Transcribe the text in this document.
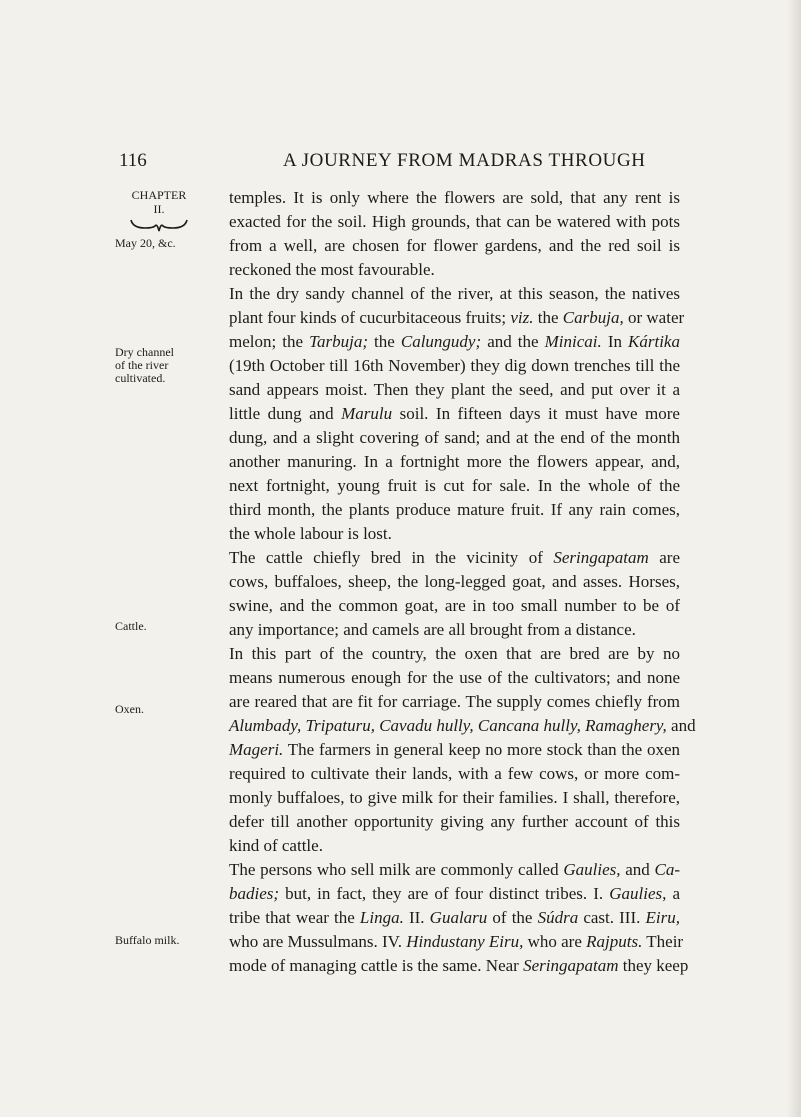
116	A JOURNEY FROM MADRAS THROUGH
CHAPTER
II.
May 20, &c.
Dry channel
of the river
cultivated.
Cattle.
Oxen.
Buffalo milk.
temples. It is only where the flowers are sold, that any rent is
exacted for the soil. High grounds, that can be watered with pots
from a well, are chosen for flower gardens, and the red soil is
reckoned the most favourable.
In the dry sandy channel of the river, at this season, the natives
plant four kinds of cucurbitaceous fruits; viz. the Carbuja, or water
melon; the Tarbuja; the Calungudy; and the Minicai. In Kártika
(19th October till 16th November) they dig down trenches till the
sand appears moist. Then they plant the seed, and put over it a
little dung and Marulu soil. In fifteen days it must have more
dung, and a slight covering of sand; and at the end of the month
another manuring. In a fortnight more the flowers appear, and,
next fortnight, young fruit is cut for sale. In the whole of the
third month, the plants produce mature fruit. If any rain comes,
the whole labour is lost.
The cattle chiefly bred in the vicinity of Seringapatam are
cows, buffaloes, sheep, the long-legged goat, and asses. Horses,
swine, and the common goat, are in too small number to be of
any importance; and camels are all brought from a distance.
In this part of the country, the oxen that are bred are by no
means numerous enough for the use of the cultivators; and none
are reared that are fit for carriage. The supply comes chiefly from
Alumbady, Tripaturu, Cavadu hully, Cancana hully, Ramaghery, and
Mageri. The farmers in general keep no more stock than the oxen
required to cultivate their lands, with a few cows, or more com-
monly buffaloes, to give milk for their families. I shall, therefore,
defer till another opportunity giving any further account of this
kind of cattle.
The persons who sell milk are commonly called Gaulies, and Ca-
badies; but, in fact, they are of four distinct tribes. I. Gaulies, a
tribe that wear the Linga. II. Gualaru of the Súdra cast. III. Eiru,
who are Mussulmans. IV. Hindustany Eiru, who are Rajputs. Their
mode of managing cattle is the same. Near Seringapatam they keep
